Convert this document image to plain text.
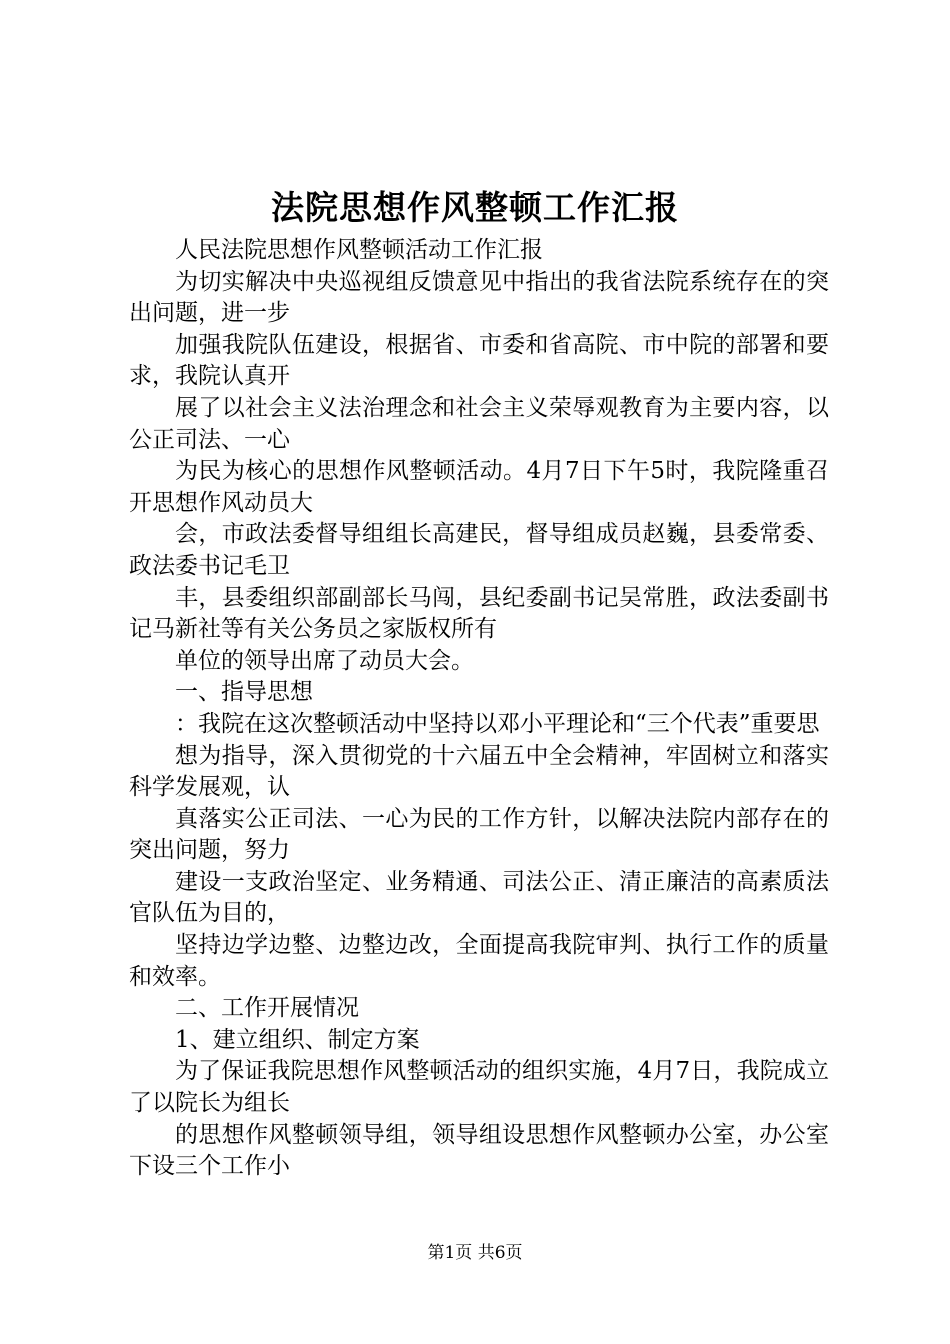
法院思想作风整顿工作汇报

人民法院思想作风整顿活动工作汇报

为切实解决中央巡视组反馈意见中指出的我省法院系统存在的突出问题，进一步

加强我院队伍建设，根据省、市委和省高院、市中院的部署和要求，我院认真开

展了以社会主义法治理念和社会主义荣辱观教育为主要内容，以公正司法、一心

为民为核心的思想作风整顿活动。4月7日下午5时，我院隆重召开思想作风动员大

会，市政法委督导组组长高建民，督导组成员赵巍，县委常委、政法委书记毛卫

丰，县委组织部副部长马闯，县纪委副书记吴常胜，政法委副书记马新社等有关公务员之家版权所有

单位的领导出席了动员大会。

一、指导思想

：我院在这次整顿活动中坚持以邓小平理论和“三个代表”重要思

想为指导，深入贯彻党的十六届五中全会精神，牢固树立和落实科学发展观，认

真落实公正司法、一心为民的工作方针，以解决法院内部存在的突出问题，努力

建设一支政治坚定、业务精通、司法公正、清正廉洁的高素质法官队伍为目的，

坚持边学边整、边整边改，全面提高我院审判、执行工作的质量和效率。

二、工作开展情况

1、建立组织、制定方案

为了保证我院思想作风整顿活动的组织实施，4月7日，我院成立了以院长为组长

的思想作风整顿领导组，领导组设思想作风整顿办公室，办公室下设三个工作小

第1页 共6页
